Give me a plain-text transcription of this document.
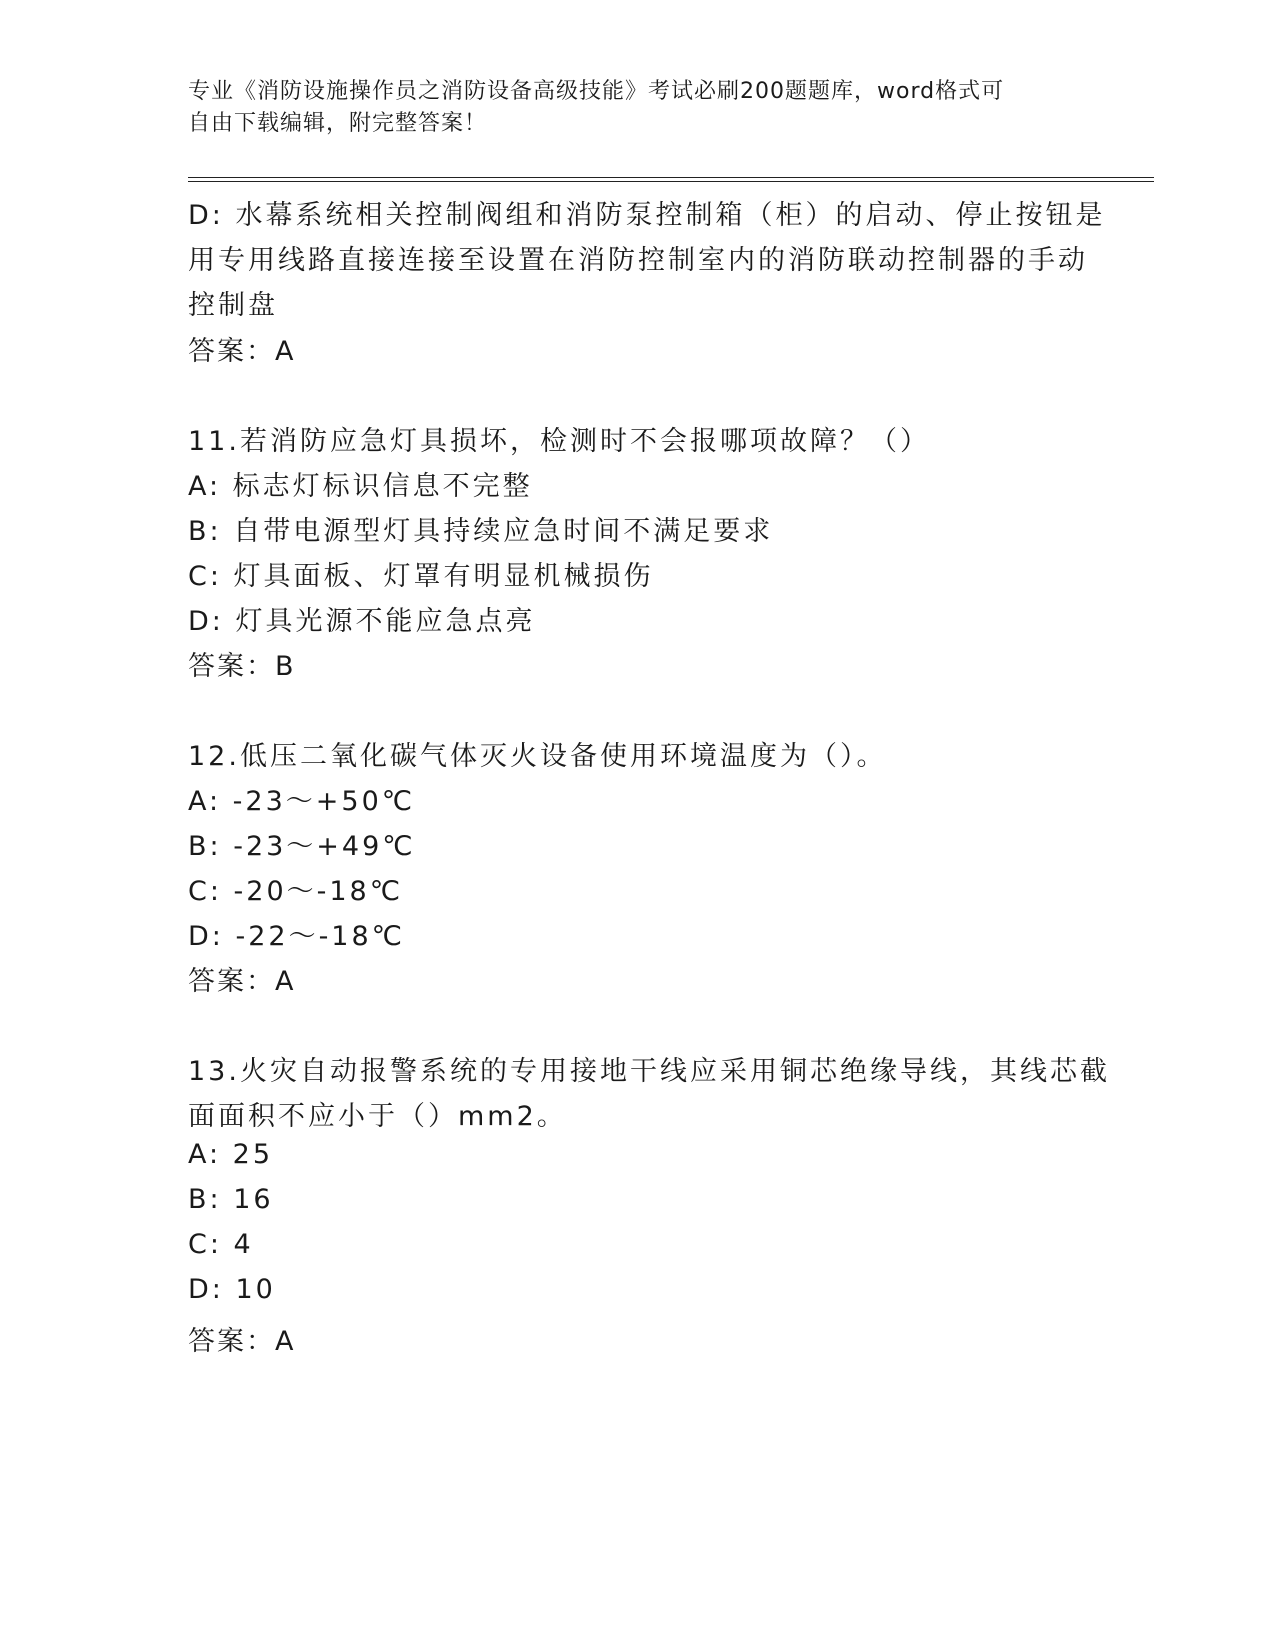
专业《消防设施操作员之消防设备高级技能》考试必刷200题题库，word格式可
自由下载编辑，附完整答案！
D: 水幕系统相关控制阀组和消防泵控制箱（柜）的启动、停止按钮是
用专用线路直接连接至设置在消防控制室内的消防联动控制器的手动
控制盘
答案：A
11.若消防应急灯具损坏，检测时不会报哪项故障？（）
A: 标志灯标识信息不完整
B: 自带电源型灯具持续应急时间不满足要求
C: 灯具面板、灯罩有明显机械损伤
D: 灯具光源不能应急点亮
答案：B
12.低压二氧化碳气体灭火设备使用环境温度为（）。
A: -23～+50℃
B: -23～+49℃
C: -20～-18℃
D: -22～-18℃
答案：A
13.火灾自动报警系统的专用接地干线应采用铜芯绝缘导线，其线芯截
面面积不应小于（）mm2。
A: 25
B: 16
C: 4
D: 10
答案：A
